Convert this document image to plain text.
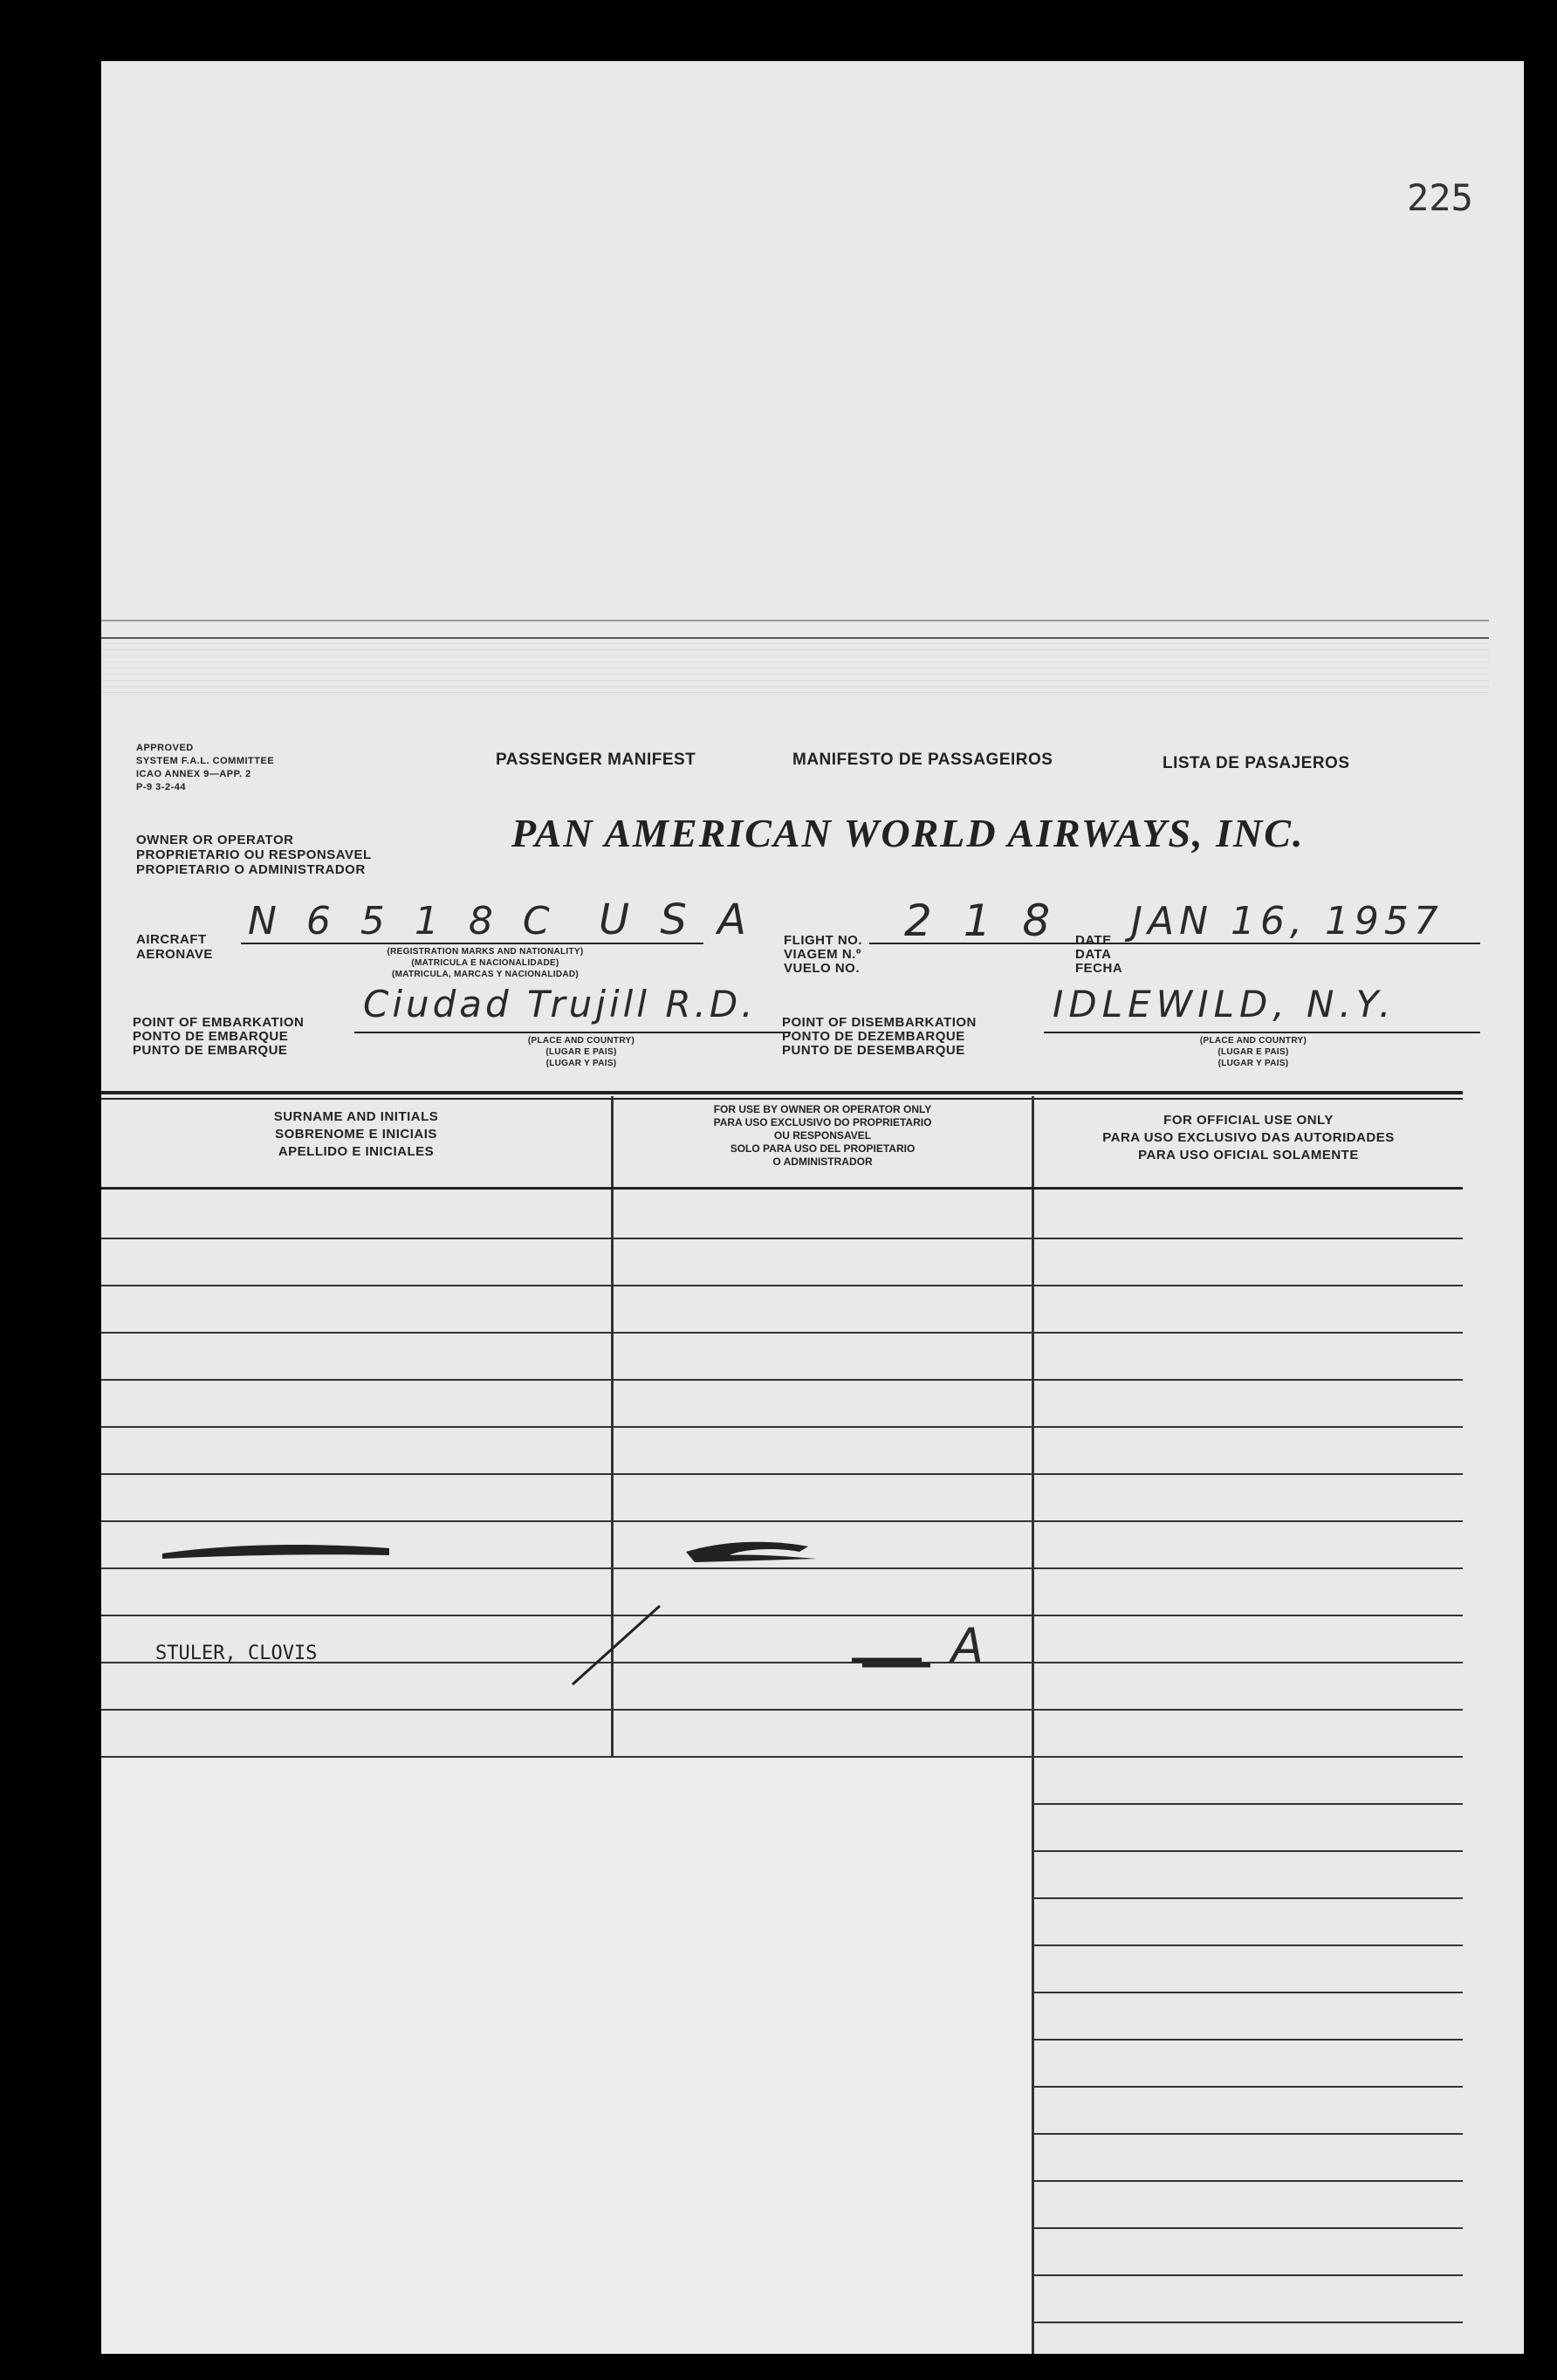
225
APPROVED
SYSTEM F.A.L. COMMITTEE
ICAO ANNEX 9—APP. 2
P-9 3-2-44
PASSENGER MANIFEST	MANIFESTO DE PASSAGEIROS	LISTA DE PASAJEROS
OWNER OR OPERATOR
PROPRIETARIO OU RESPONSAVEL
PROPIETARIO O ADMINISTRADOR
PAN AMERICAN WORLD AIRWAYS, INC.
AIRCRAFT
AERONAVE
N 6 5 1 8 C U S A
(REGISTRATION MARKS AND NATIONALITY)
(MATRICULA E NACIONALIDADE)
(MATRICULA, MARCAS Y NACIONALIDAD)
FLIGHT NO.
VIAGEM N.º
VUELO NO.
2 1 8 DATE
DATA
FECHA
JAN 16, 1957
POINT OF EMBARKATION
PONTO DE EMBARQUE
PUNTO DE EMBARQUE
Ciudad Trujill R.D.
(PLACE AND COUNTRY)
(LUGAR E PAIS)
(LUGAR Y PAIS)
POINT OF DISEMBARKATION
PONTO DE DEZEMBARQUE
PUNTO DE DESEMBARQUE
IDLEWILD, N.Y.
(PLACE AND COUNTRY)
(LUGAR E PAIS)
(LUGAR Y PAIS)
SURNAME AND INITIALS
SOBRENOME E INICIAIS
APELLIDO E INICIALES
FOR USE BY OWNER OR OPERATOR ONLY
PARA USO EXCLUSIVO DO PROPRIETARIO
OU RESPONSAVEL
SOLO PARA USO DEL PROPIETARIO
O ADMINISTRADOR
FOR OFFICIAL USE ONLY
PARA USO EXCLUSIVO DAS AUTORIDADES
PARA USO OFICIAL SOLAMENTE
STULER, CLOVIS	A
